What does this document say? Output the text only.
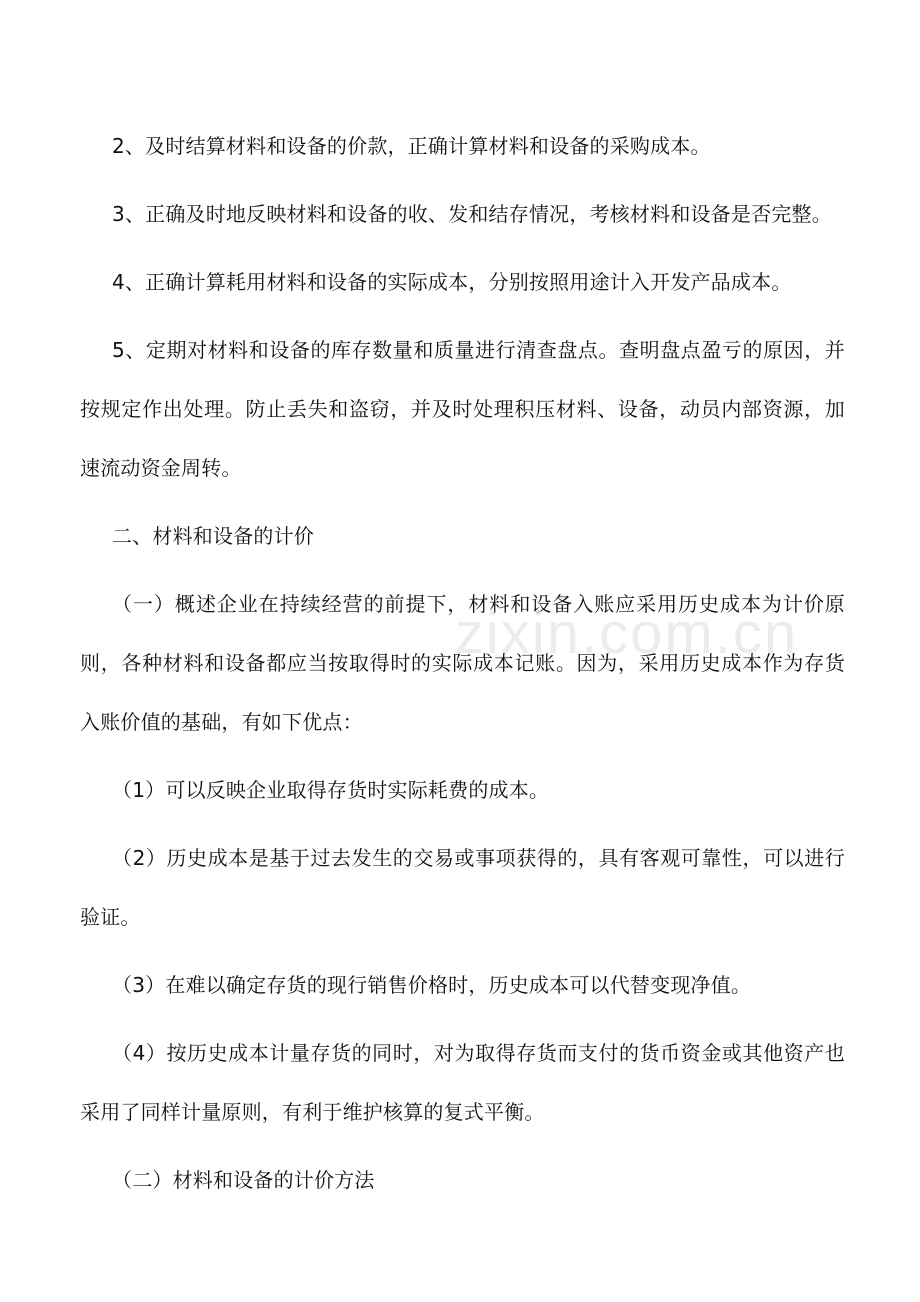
2、及时结算材料和设备的价款，正确计算材料和设备的采购成本。

3、正确及时地反映材料和设备的收、发和结存情况，考核材料和设备是否完整。

4、正确计算耗用材料和设备的实际成本，分别按照用途计入开发产品成本。

5、定期对材料和设备的库存数量和质量进行清查盘点。查明盘点盈亏的原因，并按规定作出处理。防止丢失和盗窃，并及时处理积压材料、设备，动员内部资源，加速流动资金周转。

二、材料和设备的计价

（一）概述企业在持续经营的前提下，材料和设备入账应采用历史成本为计价原则，各种材料和设备都应当按取得时的实际成本记账。因为，采用历史成本作为存货入账价值的基础，有如下优点：

（1）可以反映企业取得存货时实际耗费的成本。

（2）历史成本是基于过去发生的交易或事项获得的，具有客观可靠性，可以进行验证。

（3）在难以确定存货的现行销售价格时，历史成本可以代替变现净值。

（4）按历史成本计量存货的同时，对为取得存货而支付的货币资金或其他资产也采用了同样计量原则，有利于维护核算的复式平衡。

（二）材料和设备的计价方法

zixin.com.cn
